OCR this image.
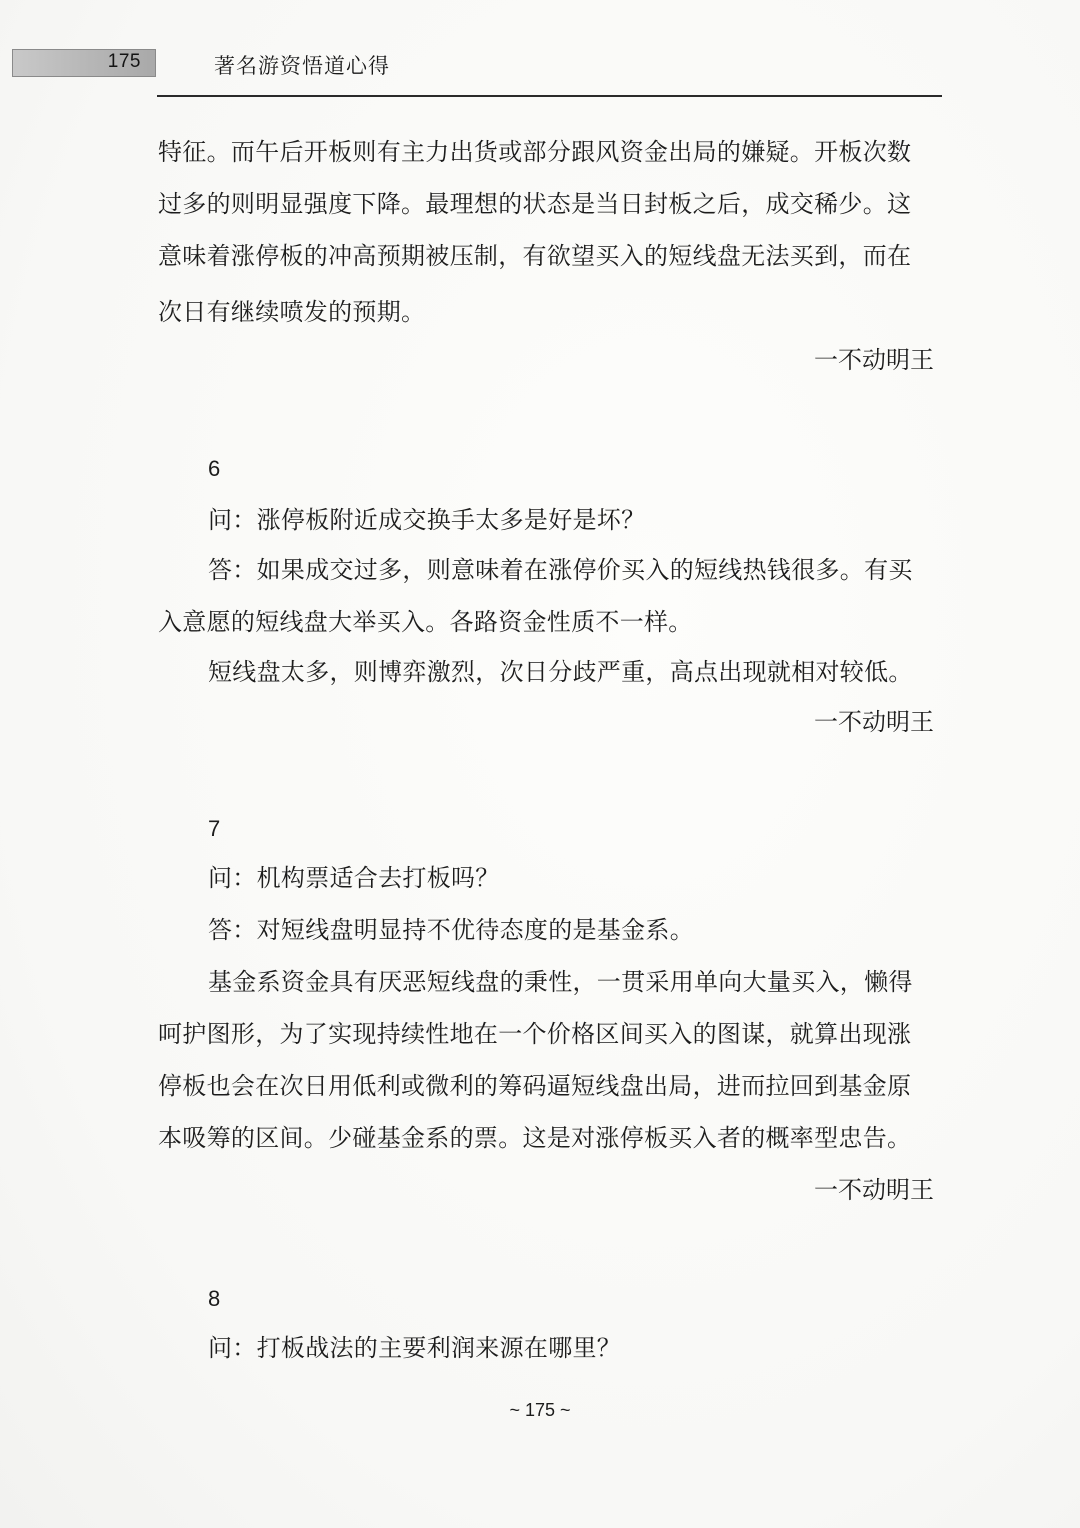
175	著名游资悟道心得
特征。而午后开板则有主力出货或部分跟风资金出局的嫌疑。开板次数
过多的则明显强度下降。最理想的状态是当日封板之后，成交稀少。这
意味着涨停板的冲高预期被压制，有欲望买入的短线盘无法买到，而在
次日有继续喷发的预期。
一不动明王
6
问：涨停板附近成交换手太多是好是坏？
答：如果成交过多，则意味着在涨停价买入的短线热钱很多。有买
入意愿的短线盘大举买入。各路资金性质不一样。
短线盘太多，则博弈激烈，次日分歧严重，高点出现就相对较低。
一不动明王
7
问：机构票适合去打板吗？
答：对短线盘明显持不优待态度的是基金系。
基金系资金具有厌恶短线盘的秉性，一贯采用单向大量买入，懒得
呵护图形，为了实现持续性地在一个价格区间买入的图谋，就算出现涨
停板也会在次日用低利或微利的筹码逼短线盘出局，进而拉回到基金原
本吸筹的区间。少碰基金系的票。这是对涨停板买入者的概率型忠告。
一不动明王
8
问：打板战法的主要利润来源在哪里？
~ 175 ~
